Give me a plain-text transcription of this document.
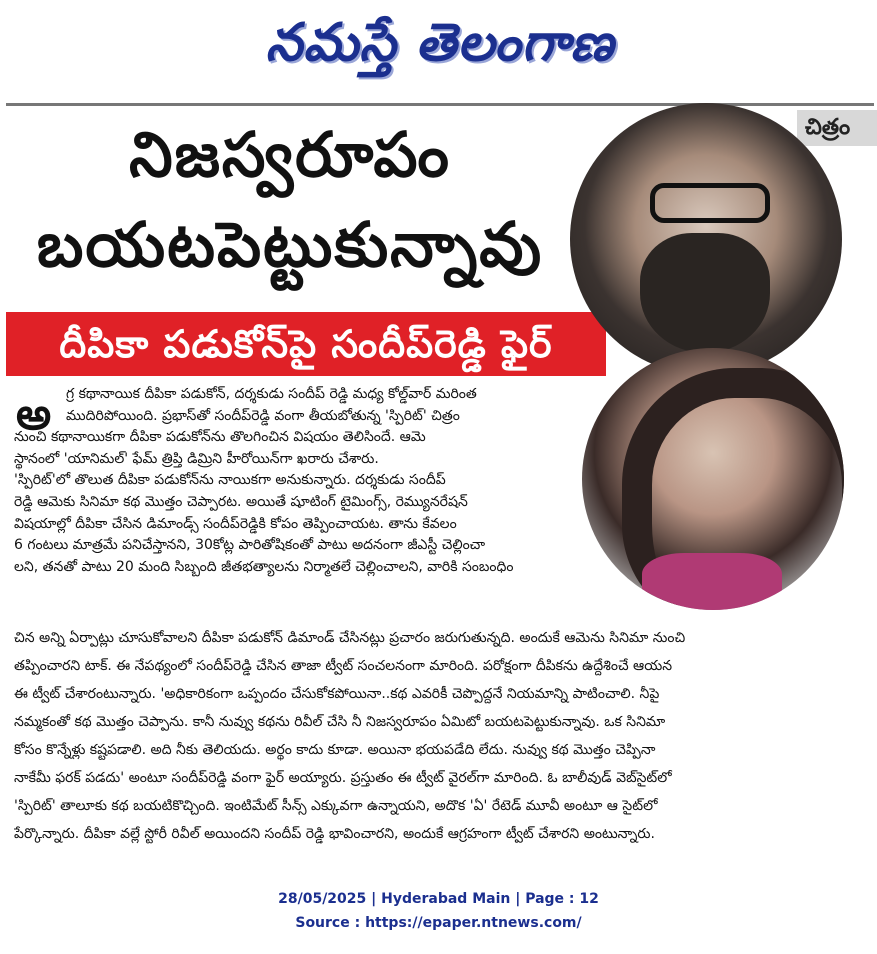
నమస్తే తెలంగాణ
చిత్రం
నిజస్వరూపం
బయటపెట్టుకున్నావు
దీపికా పడుకోన్‌పై సందీప్‌రెడ్డి ఫైర్
అ	గ్ర కథానాయిక దీపికా పడుకోన్, దర్శకుడు సందీప్ రెడ్డి మధ్య కోల్డ్‌వార్ మరింత
ముదిరిపోయింది. ప్రభాస్‌తో సందీప్‌రెడ్డి వంగా తీయబోతున్న 'స్పిరిట్' చిత్రం
నుంచి కథానాయికగా దీపికా పడుకోన్‌ను తొలగించిన విషయం తెలిసిందే. ఆమె
స్థానంలో 'యానిమల్' ఫేమ్ త్రిప్తి డిమ్రిని హీరోయిన్‌గా ఖరారు చేశారు.
'స్పిరిట్'లో తొలుత దీపికా పడుకోన్‌ను నాయికగా అనుకున్నారు. దర్శకుడు సందీప్
రెడ్డి ఆమెకు సినిమా కథ మొత్తం చెప్పారట. అయితే షూటింగ్ టైమింగ్స్, రెమ్యునరేషన్
విషయాల్లో దీపికా చేసిన డిమాండ్స్ సందీప్‌రెడ్డికి కోపం తెప్పించాయట. తాను కేవలం
6 గంటలు మాత్రమే పనిచేస్తానని, 30కోట్ల పారితోషికంతో పాటు అదనంగా జీఎస్టీ చెల్లించా
లని, తనతో పాటు 20 మంది సిబ్బంది జీతభత్యాలను నిర్మాతలే చెల్లించాలని, వారికి సంబంధిం
చిన అన్ని ఏర్పాట్లు చూసుకోవాలని దీపికా పడుకోన్ డిమాండ్ చేసినట్లు ప్రచారం జరుగుతున్నది. అందుకే ఆమెను సినిమా నుంచి
తప్పించారని టాక్. ఈ నేపథ్యంలో సందీప్‌రెడ్డి చేసిన తాజా ట్వీట్ సంచలనంగా మారింది. పరోక్షంగా దీపికను ఉద్దేశించే ఆయన
ఈ ట్వీట్ చేశారంటున్నారు. 'అధికారికంగా ఒప్పందం చేసుకోకపోయినా..కథ ఎవరికీ చెప్పొద్దనే నియమాన్ని పాటించాలి. నీపై
నమ్మకంతో కథ మొత్తం చెప్పాను. కానీ నువ్వు కథను రివీల్ చేసి నీ నిజస్వరూపం ఏమిటో బయటపెట్టుకున్నావు. ఒక సినిమా
కోసం కొన్నేళ్లు కష్టపడాలి. అది నీకు తెలియదు. అర్థం కాదు కూడా. అయినా భయపడేది లేదు. నువ్వు కథ మొత్తం చెప్పినా
నాకేమీ ఫరక్ పడదు' అంటూ సందీప్‌రెడ్డి వంగా ఫైర్ అయ్యారు. ప్రస్తుతం ఈ ట్వీట్ వైరల్‌గా మారింది. ఓ బాలీవుడ్ వెబ్‌సైట్‌లో
'స్పిరిట్' తాలూకు కథ బయటికొచ్చింది. ఇంటిమేట్ సీన్స్ ఎక్కువగా ఉన్నాయని, అదొక 'ఏ' రేటెడ్ మూవీ అంటూ ఆ సైట్‌లో
పేర్కొన్నారు. దీపికా వల్లే స్టోరీ రివీల్ అయిందని సందీప్ రెడ్డి భావించారని, అందుకే ఆగ్రహంగా ట్వీట్ చేశారని అంటున్నారు.
28/05/2025 | Hyderabad Main | Page : 12
Source : https://epaper.ntnews.com/
